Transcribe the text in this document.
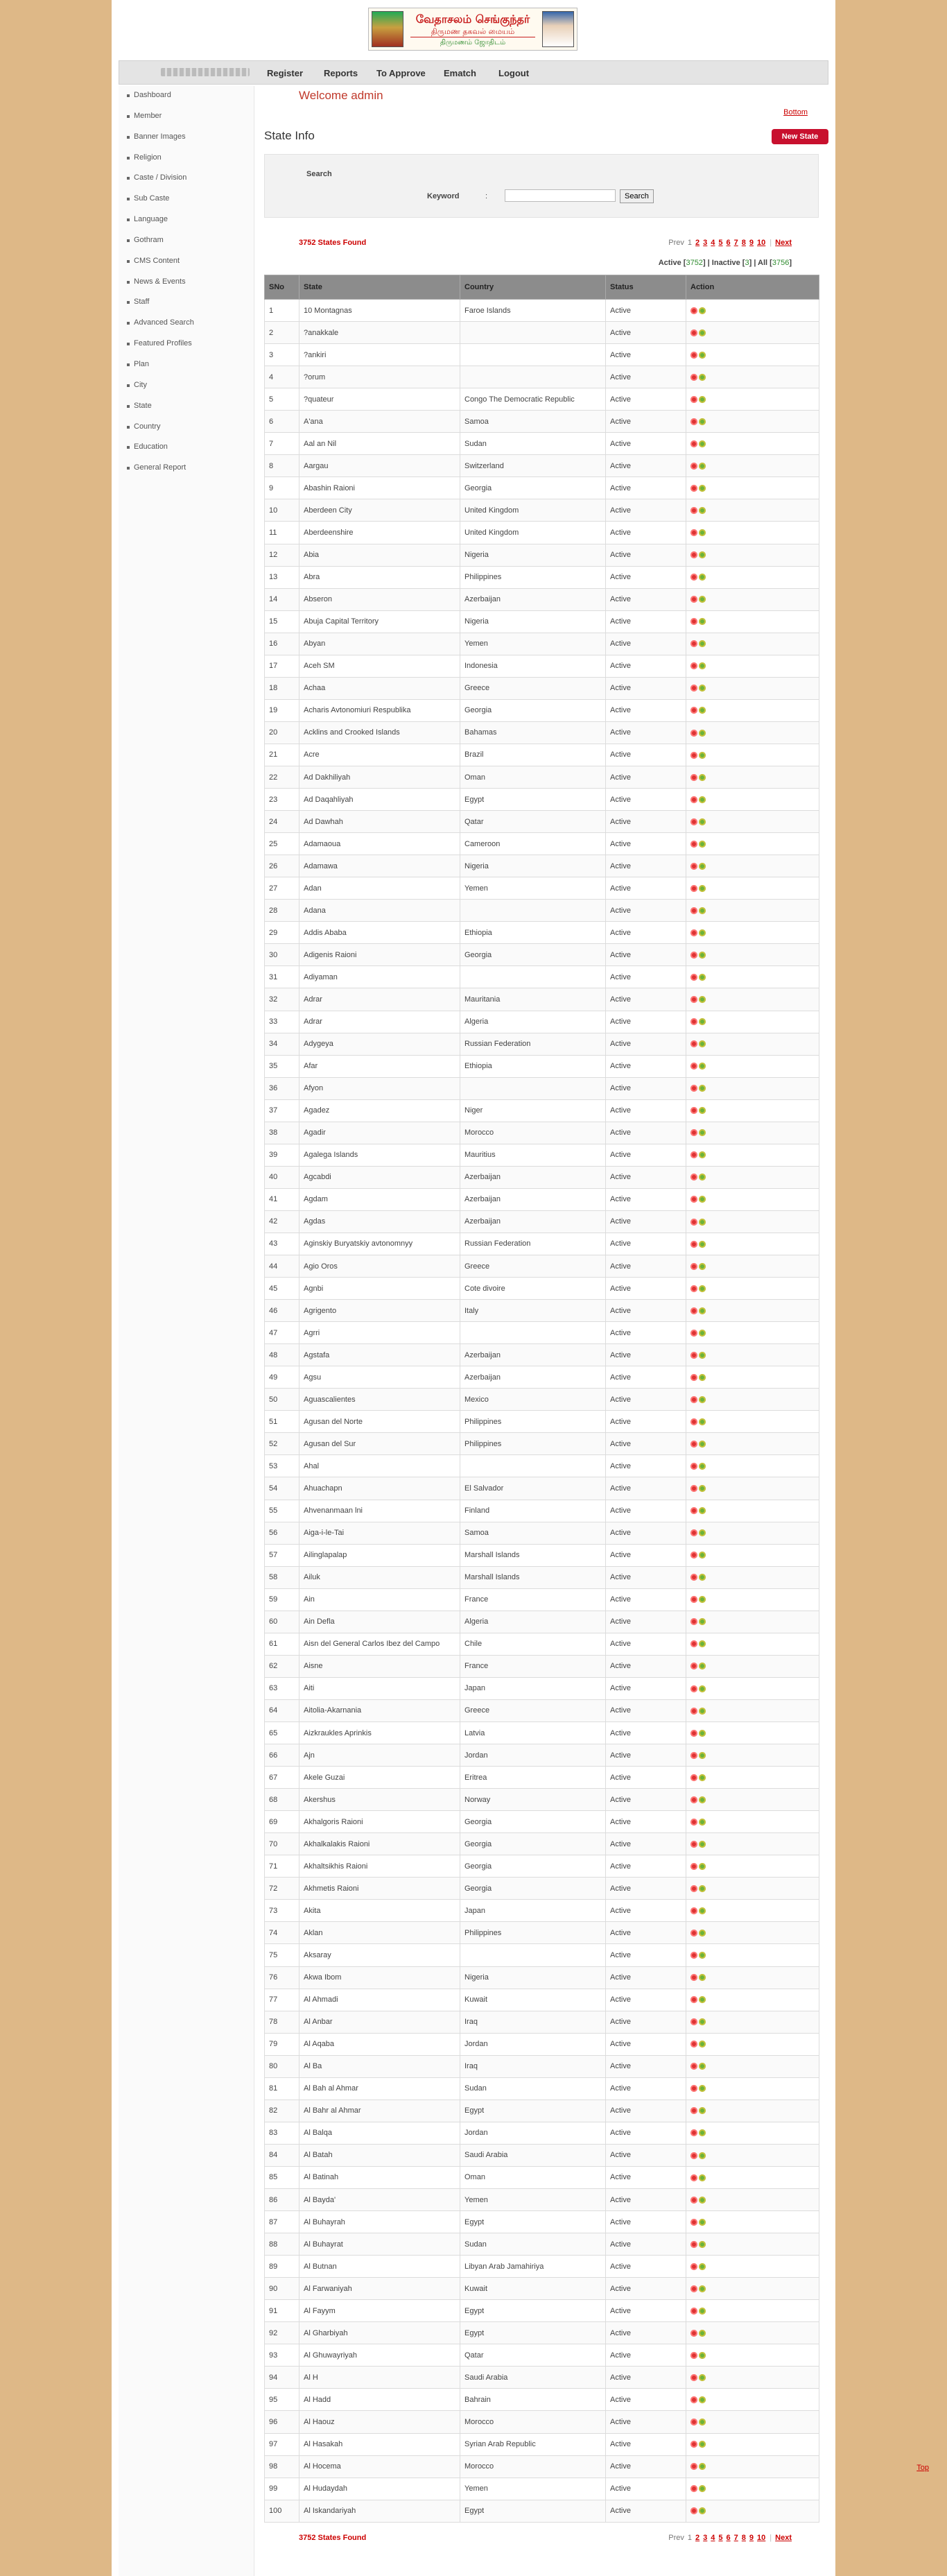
வேதாசலம் செங்குந்தர்
திருமண தகவல் மையம்
திருமணம் ஜோதிடம்
Register Reports To Approve Ematch Logout
Dashboard
Member
Banner Images
Religion
Caste / Division
Sub Caste
Language
Gothram
CMS Content
News & Events
Staff
Advanced Search
Featured Profiles
Plan
City
State
Country
Education
General Report
Welcome admin
Bottom
State Info	New State
Search
Keyword	:	Search
3752 States Found	Prev 1 2 3 4 5 6 7 8 9 10 | Next
Active [3752] | Inactive [3] | All [3756]
SNo	State	Country	Status	Action
1	10 Montagnas	Faroe Islands	Active	
2	?anakkale		Active	
3	?ankiri		Active	
4	?orum		Active	
5	?quateur	Congo The Democratic Republic	Active	
6	A'ana	Samoa	Active	
7	Aal an Nil	Sudan	Active	
8	Aargau	Switzerland	Active	
9	Abashin Raioni	Georgia	Active	
10	Aberdeen City	United Kingdom	Active	
11	Aberdeenshire	United Kingdom	Active	
12	Abia	Nigeria	Active	
13	Abra	Philippines	Active	
14	Abseron	Azerbaijan	Active	
15	Abuja Capital Territory	Nigeria	Active	
16	Abyan	Yemen	Active	
17	Aceh SM	Indonesia	Active	
18	Achaa	Greece	Active	
19	Acharis Avtonomiuri Respublika	Georgia	Active	
20	Acklins and Crooked Islands	Bahamas	Active	
21	Acre	Brazil	Active	
22	Ad Dakhiliyah	Oman	Active	
23	Ad Daqahliyah	Egypt	Active	
24	Ad Dawhah	Qatar	Active	
25	Adamaoua	Cameroon	Active	
26	Adamawa	Nigeria	Active	
27	Adan	Yemen	Active	
28	Adana		Active	
29	Addis Ababa	Ethiopia	Active	
30	Adigenis Raioni	Georgia	Active	
31	Adiyaman		Active	
32	Adrar	Mauritania	Active	
33	Adrar	Algeria	Active	
34	Adygeya	Russian Federation	Active	
35	Afar	Ethiopia	Active	
36	Afyon		Active	
37	Agadez	Niger	Active	
38	Agadir	Morocco	Active	
39	Agalega Islands	Mauritius	Active	
40	Agcabdi	Azerbaijan	Active	
41	Agdam	Azerbaijan	Active	
42	Agdas	Azerbaijan	Active	
43	Aginskiy Buryatskiy avtonomnyy	Russian Federation	Active	
44	Agio Oros	Greece	Active	
45	Agnbi	Cote divoire	Active	
46	Agrigento	Italy	Active	
47	Agrri		Active	
48	Agstafa	Azerbaijan	Active	
49	Agsu	Azerbaijan	Active	
50	Aguascalientes	Mexico	Active	
51	Agusan del Norte	Philippines	Active	
52	Agusan del Sur	Philippines	Active	
53	Ahal		Active	
54	Ahuachapn	El Salvador	Active	
55	Ahvenanmaan lni	Finland	Active	
56	Aiga-i-le-Tai	Samoa	Active	
57	Ailinglapalap	Marshall Islands	Active	
58	Ailuk	Marshall Islands	Active	
59	Ain	France	Active	
60	Ain Defla	Algeria	Active	
61	Aisn del General Carlos Ibez del Campo	Chile	Active	
62	Aisne	France	Active	
63	Aiti	Japan	Active	
64	Aitolia-Akarnania	Greece	Active	
65	Aizkraukles Aprinkis	Latvia	Active	
66	Ajn	Jordan	Active	
67	Akele Guzai	Eritrea	Active	
68	Akershus	Norway	Active	
69	Akhalgoris Raioni	Georgia	Active	
70	Akhalkalakis Raioni	Georgia	Active	
71	Akhaltsikhis Raioni	Georgia	Active	
72	Akhmetis Raioni	Georgia	Active	
73	Akita	Japan	Active	
74	Aklan	Philippines	Active	
75	Aksaray		Active	
76	Akwa Ibom	Nigeria	Active	
77	Al Ahmadi	Kuwait	Active	
78	Al Anbar	Iraq	Active	
79	Al Aqaba	Jordan	Active	
80	Al Ba	Iraq	Active	
81	Al Bah al Ahmar	Sudan	Active	
82	Al Bahr al Ahmar	Egypt	Active	
83	Al Balqa	Jordan	Active	
84	Al Batah	Saudi Arabia	Active	
85	Al Batinah	Oman	Active	
86	Al Bayda'	Yemen	Active	
87	Al Buhayrah	Egypt	Active	
88	Al Buhayrat	Sudan	Active	
89	Al Butnan	Libyan Arab Jamahiriya	Active	
90	Al Farwaniyah	Kuwait	Active	
91	Al Fayym	Egypt	Active	
92	Al Gharbiyah	Egypt	Active	
93	Al Ghuwayriyah	Qatar	Active	
94	Al H	Saudi Arabia	Active	
95	Al Hadd	Bahrain	Active	
96	Al Haouz	Morocco	Active	
97	Al Hasakah	Syrian Arab Republic	Active	
98	Al Hocema	Morocco	Active	
99	Al Hudaydah	Yemen	Active	
100	Al Iskandariyah	Egypt	Active	
3752 States Found	Prev 1 2 3 4 5 6 7 8 9 10 | Next
Top
